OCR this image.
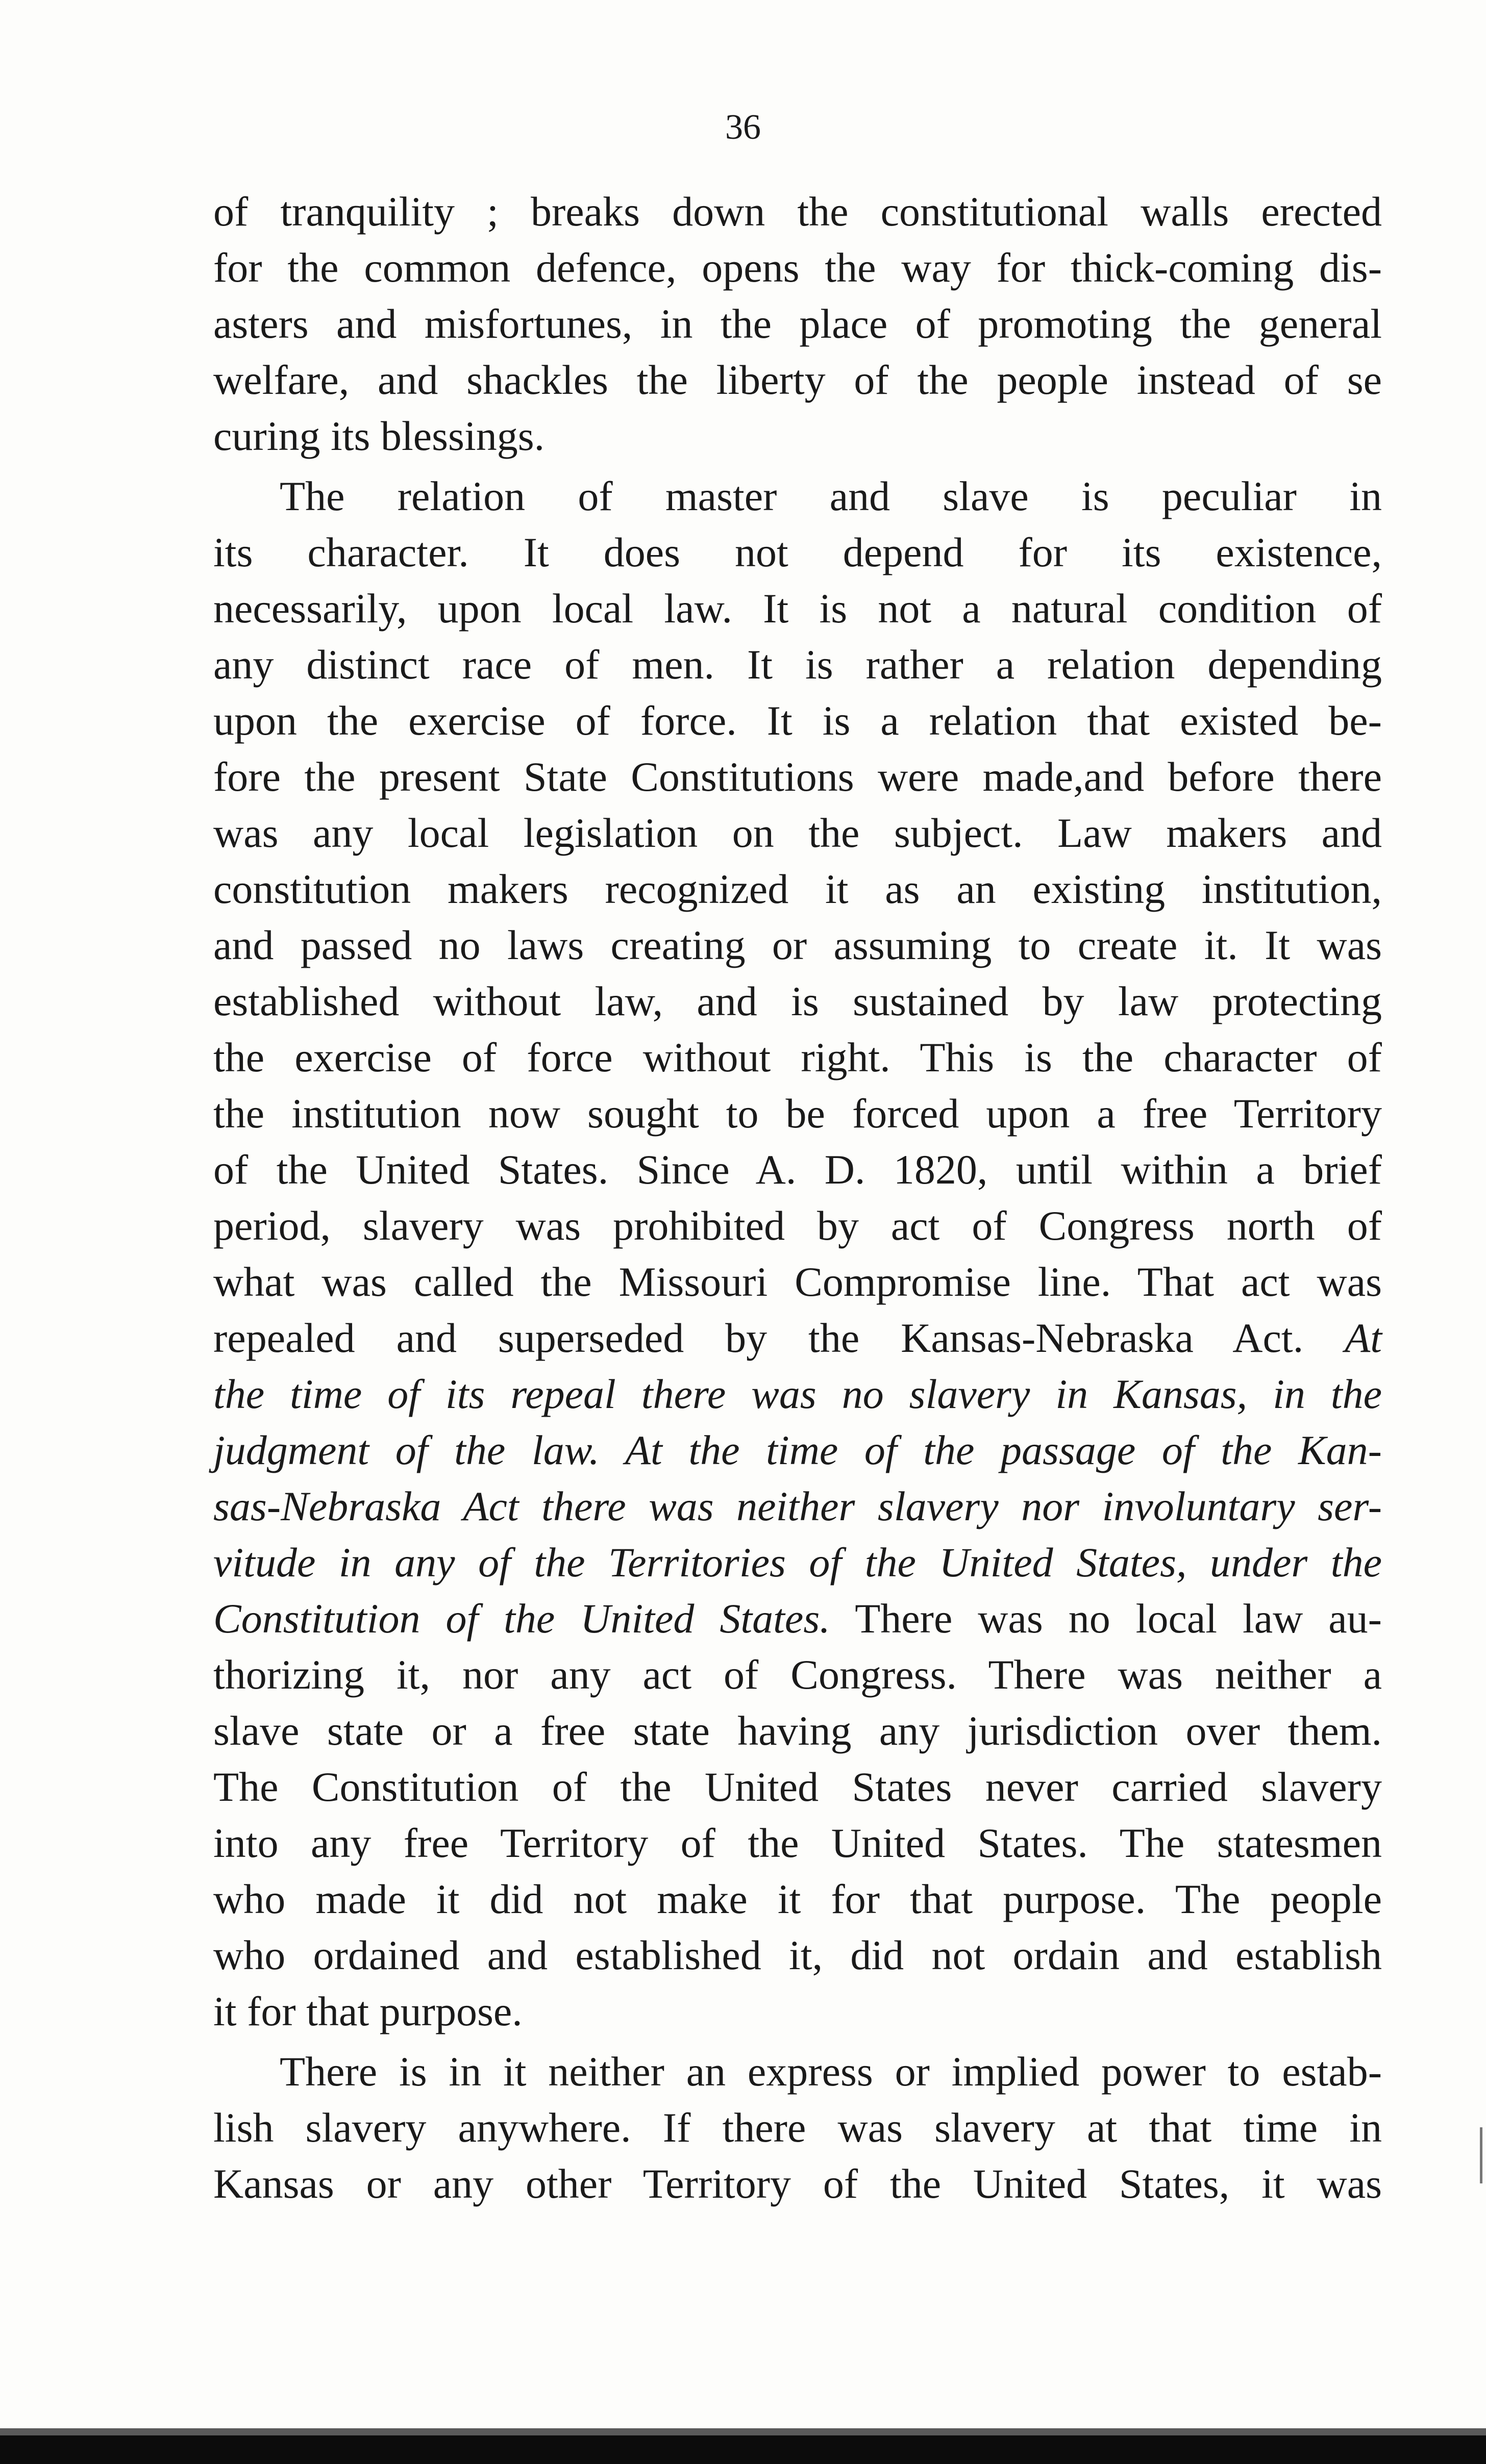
36
of tranquility ; breaks down the constitutional walls erected
for the common defence, opens the way for thick-coming dis-
asters and misfortunes, in the place of promoting the general
welfare, and shackles the liberty of the people instead of se
curing its blessings.
The relation of master and slave is peculiar in
its character. It does not depend for its existence,
necessarily, upon local law. It is not a natural condition of
any distinct race of men. It is rather a relation depending
upon the exercise of force. It is a relation that existed be-
fore the present State Constitutions were made,and before there
was any local legislation on the subject. Law makers and
constitution makers recognized it as an existing institution,
and passed no laws creating or assuming to create it. It was
established without law, and is sustained by law protecting
the exercise of force without right. This is the character of
the institution now sought to be forced upon a free Territory
of the United States. Since A. D. 1820, until within a brief
period, slavery was prohibited by act of Congress north of
what was called the Missouri Compromise line. That act was
repealed and superseded by the Kansas-Nebraska Act. At
the time of its repeal there was no slavery in Kansas, in the
judgment of the law. At the time of the passage of the Kan-
sas-Nebraska Act there was neither slavery nor involuntary ser-
vitude in any of the Territories of the United States, under the
Constitution of the United States. There was no local law au-
thorizing it, nor any act of Congress. There was neither a
slave state or a free state having any jurisdiction over them.
The Constitution of the United States never carried slavery
into any free Territory of the United States. The statesmen
who made it did not make it for that purpose. The people
who ordained and established it, did not ordain and establish
it for that purpose.
There is in it neither an express or implied power to estab-
lish slavery anywhere. If there was slavery at that time in
Kansas or any other Territory of the United States, it was
